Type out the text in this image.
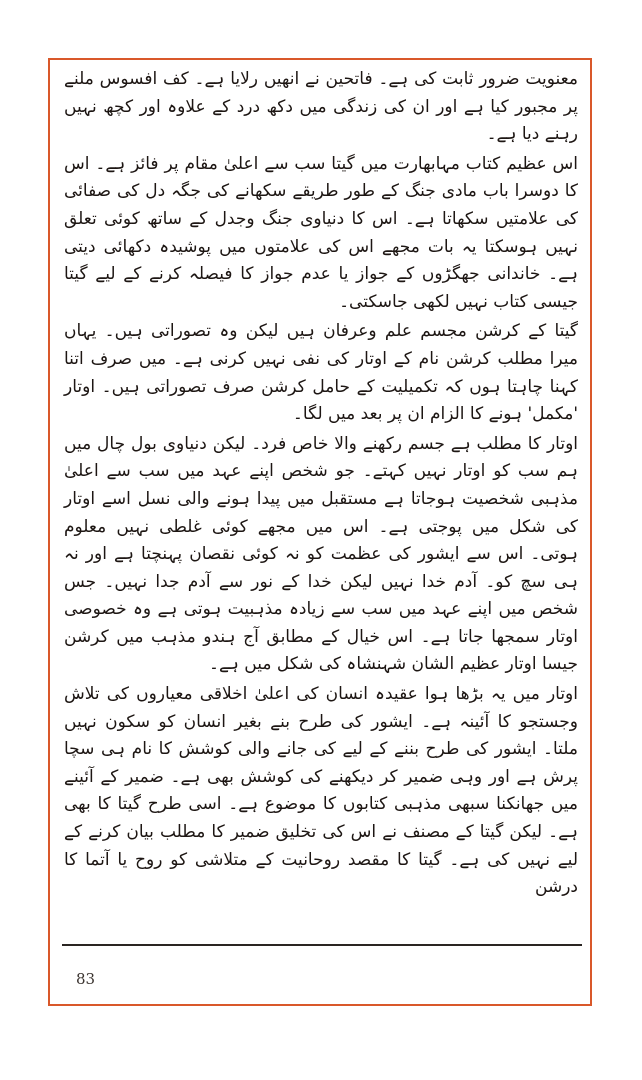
معنویت ضرور ثابت کی ہے۔ فاتحین نے انھیں رلایا ہے۔ کف افسوس ملنے پر مجبور کیا ہے اور ان کی زندگی میں دکھ درد کے علاوہ اور کچھ نہیں رہنے دیا ہے۔

اس عظیم کتاب مہابھارت میں گیتا سب سے اعلیٰ مقام پر فائز ہے۔ اس کا دوسرا باب مادی جنگ کے طور طریقے سکھانے کی جگہ دل کی صفائی کی علامتیں سکھاتا ہے۔ اس کا دنیاوی جنگ وجدل کے ساتھ کوئی تعلق نہیں ہوسکتا یہ بات مجھے اس کی علامتوں میں پوشیدہ دکھائی دیتی ہے۔ خاندانی جھگڑوں کے جواز یا عدم جواز کا فیصلہ کرنے کے لیے گیتا جیسی کتاب نہیں لکھی جاسکتی۔

گیتا کے کرشن مجسم علم وعرفان ہیں لیکن وہ تصوراتی ہیں۔ یہاں میرا مطلب کرشن نام کے اوتار کی نفی نہیں کرنی ہے۔ میں صرف اتنا کہنا چاہتا ہوں کہ تکمیلیت کے حامل کرشن صرف تصوراتی ہیں۔ اوتار 'مکمل' ہونے کا الزام ان پر بعد میں لگا۔

اوتار کا مطلب ہے جسم رکھنے والا خاص فرد۔ لیکن دنیاوی بول چال میں ہم سب کو اوتار نہیں کہتے۔ جو شخص اپنے عہد میں سب سے اعلیٰ مذہبی شخصیت ہوجاتا ہے مستقبل میں پیدا ہونے والی نسل اسے اوتار کی شکل میں پوجتی ہے۔ اس میں مجھے کوئی غلطی نہیں معلوم ہوتی۔ اس سے ایشور کی عظمت کو نہ کوئی نقصان پہنچتا ہے اور نہ ہی سچ کو۔ آدم خدا نہیں لیکن خدا کے نور سے آدم جدا نہیں۔ جس شخص میں اپنے عہد میں سب سے زیادہ مذہبیت ہوتی ہے وہ خصوصی اوتار سمجھا جاتا ہے۔ اس خیال کے مطابق آج ہندو مذہب میں کرشن جیسا اوتار عظیم الشان شہنشاہ کی شکل میں ہے۔

اوتار میں یہ بڑھا ہوا عقیدہ انسان کی اعلیٰ اخلاقی معیاروں کی تلاش وجستجو کا آئینہ ہے۔ ایشور کی طرح بنے بغیر انسان کو سکون نہیں ملتا۔ ایشور کی طرح بننے کے لیے کی جانے والی کوشش کا نام ہی سچا پرش ہے اور وہی ضمیر کر دیکھنے کی کوشش بھی ہے۔ ضمیر کے آئینے میں جھانکنا سبھی مذہبی کتابوں کا موضوع ہے۔ اسی طرح گیتا کا بھی ہے۔ لیکن گیتا کے مصنف نے اس کی تخلیق ضمیر کا مطلب بیان کرنے کے لیے نہیں کی ہے۔ گیتا کا مقصد روحانیت کے متلاشی کو روح یا آتما کا درشن

83
